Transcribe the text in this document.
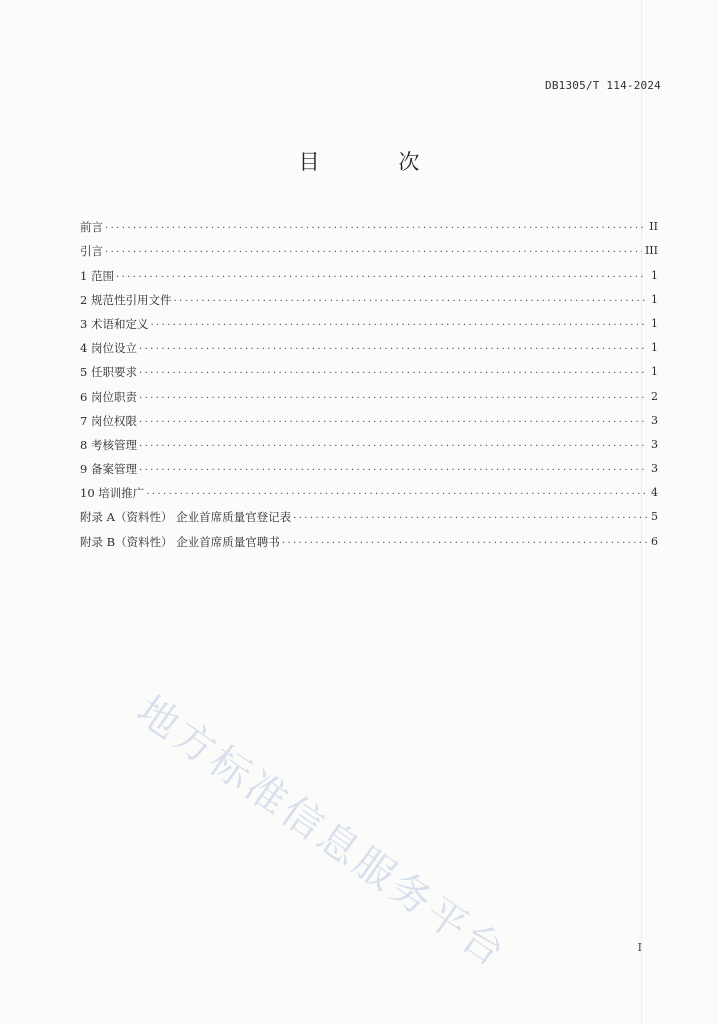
DB1305/T 114-2024
目 次
前言 .....	II
引言 .....	III
1 范围 .....	1
2 规范性引用文件 .....	1
3 术语和定义 .....	1
4 岗位设立 .....	1
5 任职要求 .....	1
6 岗位职责 .....	2
7 岗位权限 .....	3
8 考核管理 .....	3
9 备案管理 .....	3
10 培训推广 .....	4
附录 A（资料性） 企业首席质量官登记表 .....	5
附录 B（资料性） 企业首席质量官聘书 .....	6
地方标准信息服务平台	I
